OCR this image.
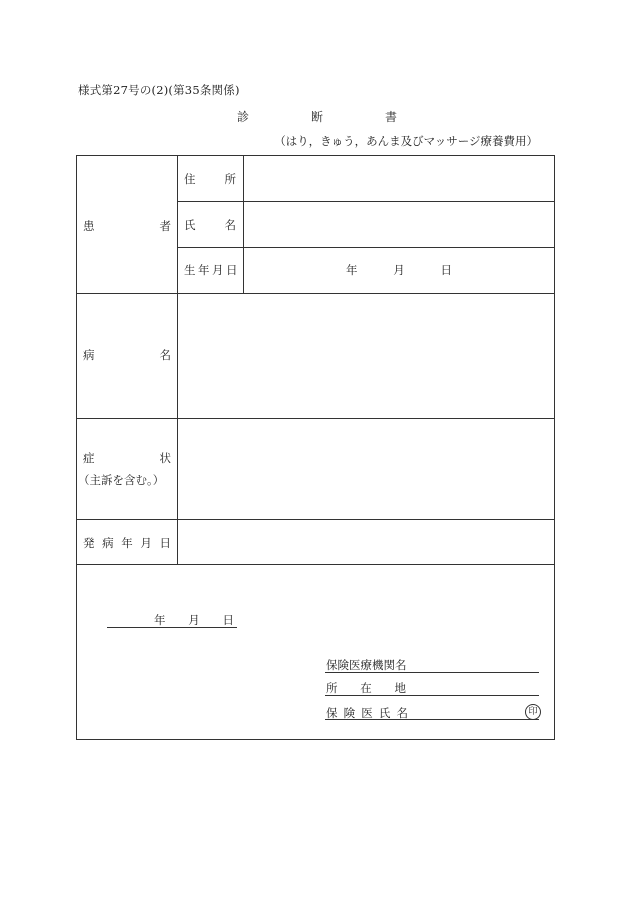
様式第27号の(2)(第35条関係)
診	断	書
（はり，きゅう，あんま及びマッサージ療養費用）
患	者
住	所
氏	名
生年月日	年	月	日
病	名
症	状
（主訴を含む。）
発 病 年 月 日
年 月 日
保険医療機関名
所 在 地
保 険 医 氏 名	印
